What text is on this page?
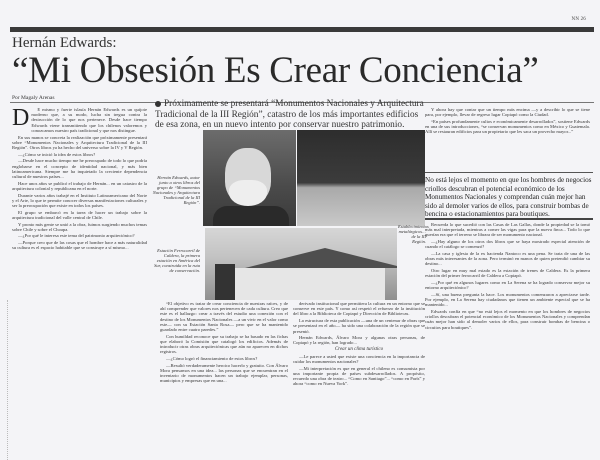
NN 26
Hernán Edwards:
“Mi Obsesión Es Crear Conciencia”
Por Magaly Arenas
Próximamente se presentará “Monumentos Nacionales y Arquitectura Tradicional de la III Región”, catastro de los más importantes edificios de esa zona, en un nuevo intento por conservar nuestro patrimonio.
Hernán Edwards, autor junto a otros libros del grupo de “Monumentos Nacionales y Arquitectura Tradicional de la III Región”.
Estación Ferrocarril de Caldera, la primera estación en América del Sur, construida en la ruta de conservación.
Establecimientos metalúrgicos… de la III Región.
D	E mismo y fuerte islasía Hernán Edwards es un quijote moderno que, a su modo, lucha sin tregua contra la destrucción de lo que nos pertenece. Desde hace tiempo Edwards viene transmitiendo que los chilenos valoremos y conozcamos nuestro país tradicional y que nos distingue.

En sus manos se concreta la realización que próximamente presentará sobre “Monumentos Nacionales y Arquitectura Tradicional de la III Región”. Otros libros ya ha hecho del universo sobre la IV y V Región.

—¿Cómo se inició la idea de estos libros?

—Desde hace mucho tiempo me he preocupado de todo lo que podría englobarse en el concepto de identidad nacional, y más bien latinoamericana. Siempre me ha inquietado la creciente dependencia cultural de nuestros países...

Hace unos años se publicó el trabajo de Hernán... en un catastro de la arquitectura colonial y republicana en el norte.

Durante varios años trabajé en el Instituto Latinoamericano del Norte y el Arte, lo que te permite conocer diversas manifestaciones culturales y ser la preocupación que existe en todos los países.

El grupo se embarcó en la tarea de hacer un trabajo sobre la arquitectura tradicional del valle central de Chile.

Y pronto más gente se unió a la obra, fuimos surgiendo muchos temas sobre Chile y sobre el Choapa.

—¿Por qué le interesa este tema del patrimonio arquitectónico?

—Porque creo que de las cosas que el hombre hace a más naturalidad su cultura es el espacio habitable que se construye a sí mismo...

“El objetivo es tratar de crear conciencia de nuestras raíces, y de ahí comprender que valores nos pertenecen de cada cultura. Creo que este es el hallazgo: crear a través del estudio una conexión con el destino de los Monumentos Nacionales —a un vivir en el valor como este— con su Estación Santa Rosa— pero que se ha mantenido guardado entre cuatro paredes.”

Con humildad reconoce que su trabajo se ha basado en las fichas que elaboró la Comisión que catalogó los edificios. Además de introducir otras obras arquitectónicas que aún no aparecen en dichos registros.

—¿Cómo logró el financiamiento de estos libros?

—Resultó verdaderamente heroico hacerlo y gratuito. Con Álvaro Mora pensamos en una idea... las personas que se encuentran en el inventario de monumentos hacen un trabajo ejemplar, personas, municipios y empresas que en una...

derivado institucional que permitiera la cultura en un entorno que se conserve en este país. Y como así respetó el refuerzo de la institución del libro a la Biblioteca de Copiapó y Dirección de Bibliotecas.

La estructura de esta publicación —una de un centenar de obras que se presentará en el año— ha sido una colaboración de la región que se presentó.

Hernán Edwards, Álvaro Mora y algunas otras personas, de Copiapó y la región, han logrado...

Crear un clima turístico

—Le parece a usted que existe una conciencia en la importancia de cuidar los monumentos nacionales?

—Mi interpretación es que en general el chileno es consumista por una importante propia de países subdesarrollados. A propósito, recuerdo una obra de teatro... “Como en Santiago”... “como en París” y ahora “como en Nueva York”.

Y ahora hay que contar que un tiempo más encima —y a describir lo que se tiene para, por ejemplo, llevar de regreso lugar Copiapó como la Ciudad.

“En países profundamente cultos e económicamente desarrollados”, sostiene Edwards en una de sus introducciones, “se conservan monumentos como en México y Guatemala. Allí se restauran edificios para un propietario que les saca un provecho mayor...”

No está lejos el momento en que los hombres de negocios criollos descubran el potencial económico de los Monumentos Nacionales y comprendan cuán mejor han sido al demoler varios de ellos, para construir bombas de bencina o estacionamientos para boutiques.

Recuerda lo que sucedió con las Casas de Las Gallas, donde la propiedad se la tomó más mal interpretada, mientras a comer las vigas para que la nueva finca... Todo lo que querían era que el terreno se librara de ser monumento nacional.

—¿Hay alguno de los otros dos libros que se haya mostrado especial atención de cuando el catálogo se comenzó?

—La casa y iglesia de la ex hacienda Nantoco es una pena. Se trata de una de las obras más interesantes de la zona. Pero terminó en manos de quien pretendió cambiar su destino...

Otro lugar en muy mal estado es la estación de trenes de Caldera. Es la primera estación del primer ferrocarril de Caldera a Copiapó.

—¿Por qué en algunos lugares como en La Serena se ha logrado conservar mejor su entorno arquitectónico?

—Sí, una buena pregunta la hace. Los monumentos comenzaron a apreciarse tarde. Por ejemplo, en La Serena hay ciudadanos que tienen un ambiente especial que se ha mantenido...

Edwards confía en que “no está lejos el momento en que los hombres de negocios criollos descubran el potencial económico de los Monumentos Nacionales y comprendan cuán mejor han sido al demoler varios de ellos, para construir bombas de bencina o circuitos para boutiques”.
